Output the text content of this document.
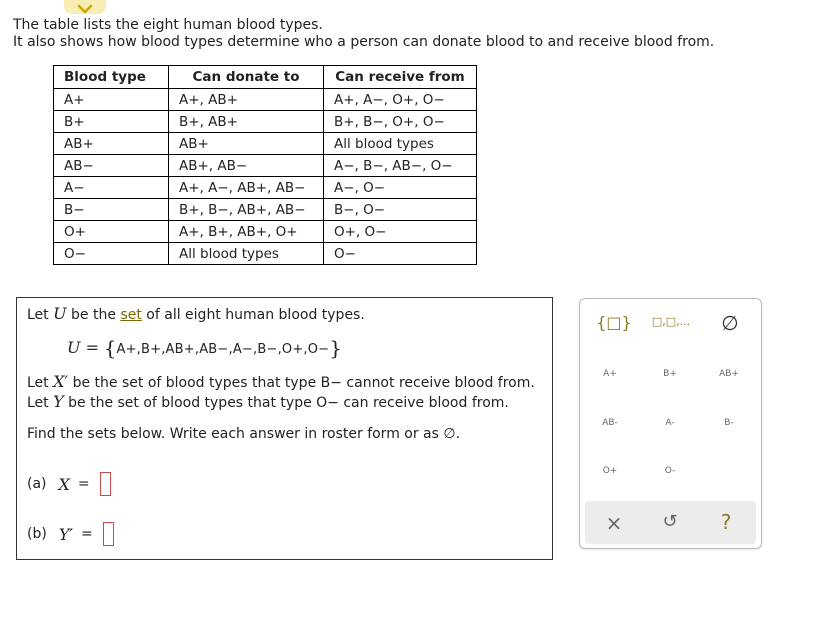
The table lists the eight human blood types.
It also shows how blood types determine who a person can donate blood to and receive blood from.
Blood type	Can donate to	Can receive from
A+	A+, AB+	A+, A−, O+, O−
B+	B+, AB+	B+, B−, O+, O−
AB+	AB+	All blood types
AB−	AB+, AB−	A−, B−, AB−, O−
A−	A+, A−, AB+, AB−	A−, O−
B−	B+, B−, AB+, AB−	B−, O−
O+	A+, B+, AB+, O+	O+, O−
O−	All blood types	O−
Let U be the set of all eight human blood types.
U = {A+,B+,AB+,AB−,A−,B−,O+,O−}
Let X′ be the set of blood types that type B− cannot receive blood from.
Let Y be the set of blood types that type O− can receive blood from.
Find the sets below. Write each answer in roster form or as ∅.
(a) X =
(b) Y′ =
{□}	□,□,...	∅
A+	B+	AB+
AB-	A-	B-
O+	O-
×	↺	?
